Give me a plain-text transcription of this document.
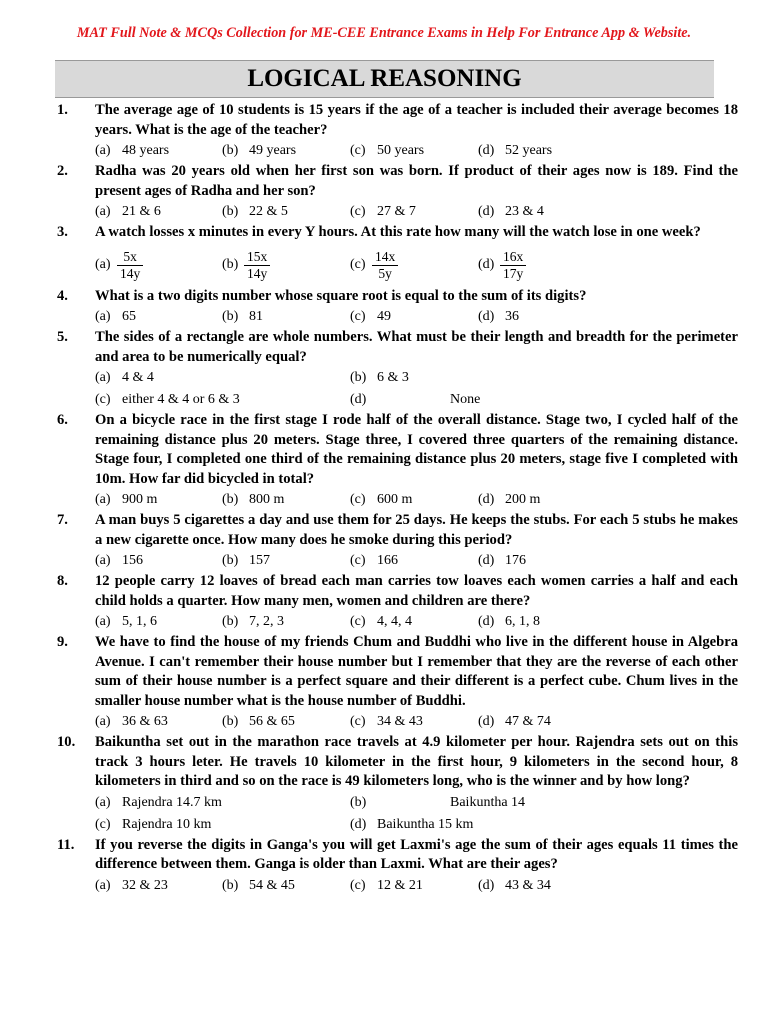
MAT Full Note & MCQs Collection for ME-CEE Entrance Exams in Help For Entrance App & Website.
LOGICAL REASONING
1. The average age of 10 students is 15 years if the age of a teacher is included their average becomes 18 years. What is the age of the teacher?
(a) 48 years	(b) 49 years	(c) 50 years	(d) 52 years
2. Radha was 20 years old when her first son was born. If product of their ages now is 189. Find the present ages of Radha and her son?
(a) 21 & 6	(b) 22 & 5	(c) 27 & 7	(d) 23 & 4
3. A watch losses x minutes in every Y hours. At this rate how many will the watch lose in one week?
$(a) \frac{5x}{14y}$	$(b) \frac{15x}{14y}$	$(c) \frac{14x}{5y}$	$(d) \frac{16x}{17y}$
4. What is a two digits number whose square root is equal to the sum of its digits?
(a) 65	(b) 81	(c) 49	(d) 36
5. The sides of a rectangle are whole numbers. What must be their length and breadth for the perimeter and area to be numerically equal?
(a) 4 & 4	(b) 6 & 3
(c) either 4 & 4 or 6 & 3	(d)	None
6. On a bicycle race in the first stage I rode half of the overall distance. Stage two, I cycled half of the remaining distance plus 20 meters. Stage three, I covered three quarters of the remaining distance. Stage four, I completed one third of the remaining distance plus 20 meters, stage five I completed with 10m. How far did bicycled in total?
(a) 900 m	(b) 800 m	(c) 600 m	(d) 200 m
7. A man buys 5 cigarettes a day and use them for 25 days. He keeps the stubs. For each 5 stubs he makes a new cigarette once. How many does he smoke during this period?
(a) 156	(b) 157	(c) 166	(d) 176
8. 12 people carry 12 loaves of bread each man carries tow loaves each women carries a half and each child holds a quarter. How many men, women and children are there?
(a) 5, 1, 6	(b) 7, 2, 3	(c) 4, 4, 4	(d) 6, 1, 8
9. We have to find the house of my friends Chum and Buddhi who live in the different house in Algebra Avenue. I can't remember their house number but I remember that they are the reverse of each other sum of their house number is a perfect square and their different is a perfect cube. Chum lives in the smaller house number what is the house number of Buddhi.
(a) 36 & 63	(b) 56 & 65	(c) 34 & 43	(d) 47 & 74
10. Baikuntha set out in the marathon race travels at 4.9 kilometer per hour. Rajendra sets out on this track 3 hours leter. He travels 10 kilometer in the first hour, 9 kilometers in the second hour, 8 kilometers in third and so on the race is 49 kilometers long, who is the winner and by how long?
(a) Rajendra 14.7 km	(b)	Baikuntha 14
(c) Rajendra 10 km	(d) Baikuntha 15 km
11. If you reverse the digits in Ganga's you will get Laxmi's age the sum of their ages equals 11 times the difference between them. Ganga is older than Laxmi. What are their ages?
(a) 32 & 23	(b) 54 & 45	(c) 12 & 21	(d) 43 & 34
